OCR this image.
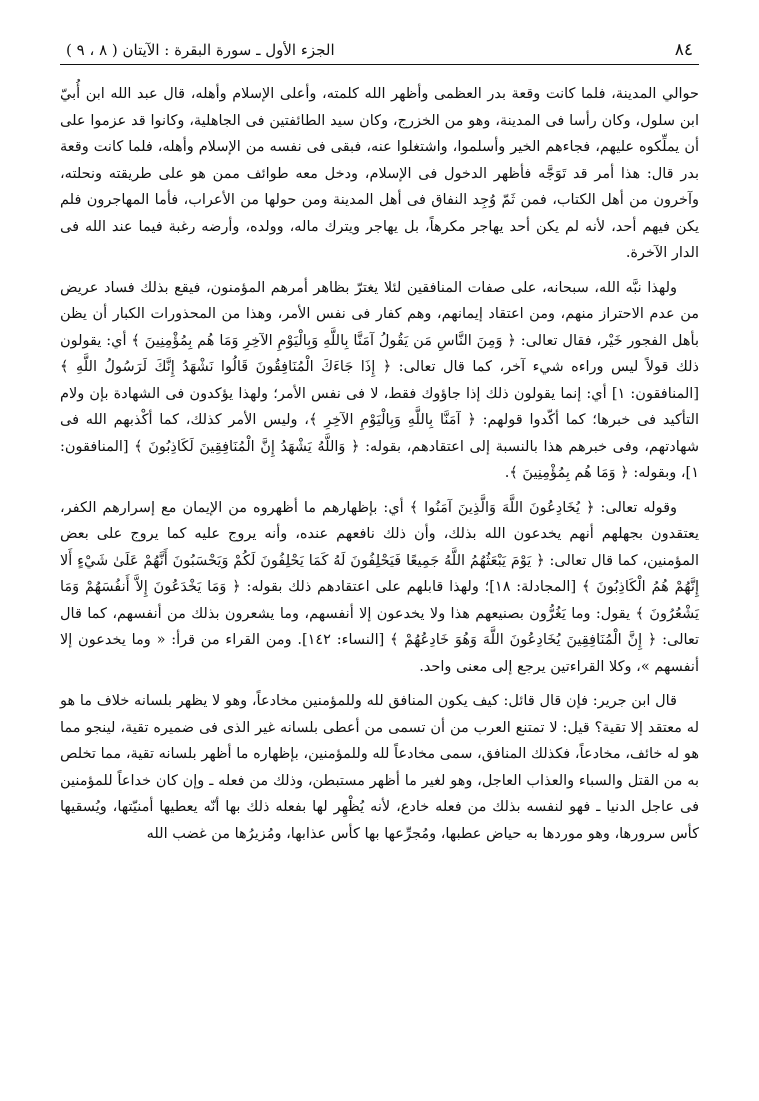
٨٤
الجزء الأول ـ سورة البقرة : الآيتان ( ٨ ، ٩ )

حوالي المدينة، فلما كانت وقعة بدر العظمى وأظهر الله كلمته، وأعلى الإسلام وأهله، قال عبد الله ابن أُبيّ ابن سلول، وكان رأسا فى المدينة، وهو من الخزرج، وكان سيد الطائفتين فى الجاهلية، وكانوا قد عزموا على أن يملِّكوه عليهم، فجاءهم الخير وأسلموا، واشتغلوا عنه، فبقى فى نفسه من الإسلام وأهله، فلما كانت وقعة بدر قال: هذا أمر قد تَوَجَّه فأظهر الدخول فى الإسلام، ودخل معه طوائف ممن هو على طريقته ونحلته، وآخرون من أهل الكتاب، فمن ثَمّ وُجِد النفاق فى أهل المدينة ومن حولها من الأعراب، فأما المهاجرون فلم يكن فيهم أحد، لأنه لم يكن أحد يهاجر مكرهاً، بل يهاجر ويترك ماله، وولده، وأرضه رغبة فيما عند الله فى الدار الآخرة.

ولهذا نبَّه الله، سبحانه، على صفات المنافقين لئلا يغترّ بظاهر أمرهم المؤمنون، فيقع بذلك فساد عريض من عدم الاحتراز منهم، ومن اعتقاد إيمانهم، وهم كفار فى نفس الأمر، وهذا من المحذورات الكبار أن يظن بأهل الفجور خَيْر، فقال تعالى: ﴿ وَمِنَ النَّاسِ مَن يَقُولُ آمَنَّا بِاللَّهِ وَبِالْيَوْمِ الآخِرِ وَمَا هُم بِمُؤْمِنِينَ ﴾ أي: يقولون ذلك قولاً ليس وراءه شيء آخر، كما قال تعالى: ﴿ إِذَا جَاءَكَ الْمُنَافِقُونَ قَالُوا نَشْهَدُ إِنَّكَ لَرَسُولُ اللَّهِ ﴾ [المنافقون: ١] أي: إنما يقولون ذلك إذا جاؤوك فقط، لا فى نفس الأمر؛ ولهذا يؤكدون فى الشهادة بإن ولام التأكيد فى خبرها؛ كما أكّدوا قولهم: ﴿ آمَنَّا بِاللَّهِ وَبِالْيَوْمِ الآخِرِ ﴾، وليس الأمر كذلك، كما أكْذبهم الله فى شهادتهم، وفى خبرهم هذا بالنسبة إلى اعتقادهم، بقوله: ﴿ وَاللَّهُ يَشْهَدُ إِنَّ الْمُنَافِقِينَ لَكَاذِبُونَ ﴾ [المنافقون: ١]، وبقوله: ﴿ وَمَا هُم بِمُؤْمِنِينَ ﴾.

وقوله تعالى: ﴿ يُخَادِعُونَ اللَّهَ وَالَّذِينَ آمَنُوا ﴾ أي: بإظهارهم ما أظهروه من الإيمان مع إسرارهم الكفر، يعتقدون بجهلهم أنهم يخدعون الله بذلك، وأن ذلك نافعهم عنده، وأنه يروج عليه كما يروج على بعض المؤمنين، كما قال تعالى: ﴿ يَوْمَ يَبْعَثُهُمُ اللَّهُ جَمِيعًا فَيَحْلِفُونَ لَهُ كَمَا يَحْلِفُونَ لَكُمْ وَيَحْسَبُونَ أَنَّهُمْ عَلَىٰ شَيْءٍ أَلا إِنَّهُمْ هُمُ الْكَاذِبُونَ ﴾ [المجادلة: ١٨]؛ ولهذا قابلهم على اعتقادهم ذلك بقوله: ﴿ وَمَا يَخْدَعُونَ إِلاَّ أَنفُسَهُمْ وَمَا يَشْعُرُونَ ﴾ يقول: وما يَغُرُّون بصنيعهم هذا ولا يخدعون إلا أنفسهم، وما يشعرون بذلك من أنفسهم، كما قال تعالى: ﴿ إِنَّ الْمُنَافِقِينَ يُخَادِعُونَ اللَّهَ وَهُوَ خَادِعُهُمْ ﴾ [النساء: ١٤٢]. ومن القراء من قرأ: « وما يخدعون إلا أنفسهم »، وكلا القراءتين يرجع إلى معنى واحد.

قال ابن جرير: فإن قال قائل: كيف يكون المنافق لله وللمؤمنين مخادعاً، وهو لا يظهر بلسانه خلاف ما هو له معتقد إلا تقية؟ قيل: لا تمتنع العرب من أن تسمى من أعطى بلسانه غير الذى فى ضميره تقية، لينجو مما هو له خائف، مخادعاً، فكذلك المنافق، سمى مخادعاً لله وللمؤمنين، بإظهاره ما أظهر بلسانه تقية، مما تخلص به من القتل والسباء والعذاب العاجل، وهو لغير ما أظهر مستبطن، وذلك من فعله ـ وإن كان خداعاً للمؤمنين فى عاجل الدنيا ـ فهو لنفسه بذلك من فعله خادع، لأنه يُظْهِر لها بفعله ذلك بها أنّه يعطيها أمنيّتها، ويُسقيها كأس سرورها، وهو موردها به حياض عطبها، ومُجرِّعها بها كأس عذابها، ومُزيرُها من غضب الله
